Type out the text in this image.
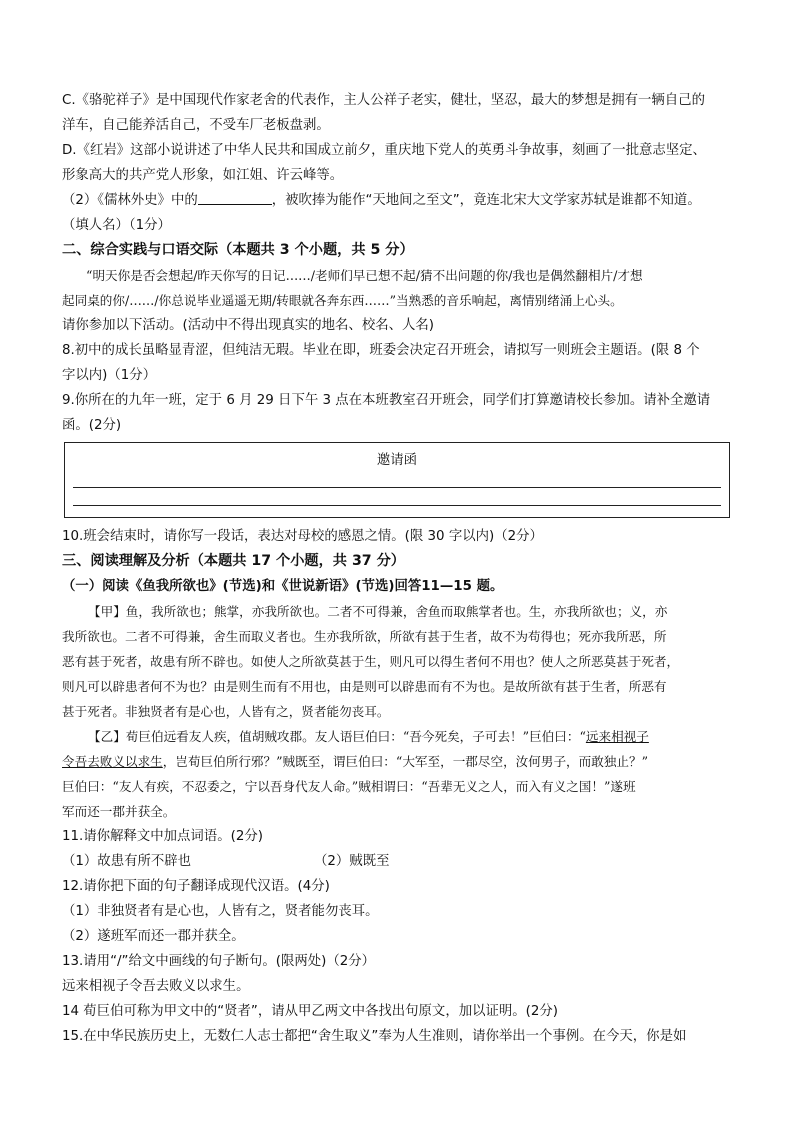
C.《骆驼祥子》是中国现代作家老舍的代表作，主人公祥子老实，健壮，坚忍，最大的梦想是拥有一辆自己的

洋车，自己能养活自己，不受车厂老板盘剥。

D.《红岩》这部小说讲述了中华人民共和国成立前夕，重庆地下党人的英勇斗争故事，刻画了一批意志坚定、

形象高大的共产党人形象，如江姐、许云峰等。

（2）《儒林外史》中的	，被吹捧为能作“天地间之至文”，竟连北宋大文学家苏轼是谁都不知道。

（填人名）（1分）

二、综合实践与口语交际（本题共 3 个小题，共 5 分）

“明天你是否会想起/昨天你写的日记……/老师们早已想不起/猜不出问题的你/我也是偶然翻相片/才想

起同桌的你/……/你总说毕业遥遥无期/转眼就各奔东西……”当熟悉的音乐响起，离情别绪涌上心头。

请你参加以下活动。(活动中不得出现真实的地名、校名、人名)

8.初中的成长虽略显青涩，但纯洁无瑕。毕业在即，班委会决定召开班会，请拟写一则班会主题语。(限 8 个

字以内)（1分）

9.你所在的九年一班，定于 6 月 29 日下午 3 点在本班教室召开班会，同学们打算邀请校长参加。请补全邀请

函。(2分)

邀请函

10.班会结束时，请你写一段话，表达对母校的感恩之情。(限 30 字以内)（2分）

三、阅读理解及分析（本题共 17 个小题，共 37 分）

（一）阅读《鱼我所欲也》(节选)和《世说新语》(节选)回答11—15 题。

【甲】鱼，我所欲也；熊掌，亦我所欲也。二者不可得兼，舍鱼而取熊掌者也。生，亦我所欲也；义，亦

我所欲也。二者不可得兼，舍生而取义者也。生亦我所欲，所欲有甚于生者，故不为苟得也；死亦我所恶，所

恶有甚于死者，故患有所不辟也。如使人之所欲莫甚于生，则凡可以得生者何不用也？使人之所恶莫甚于死者，

则凡可以辟患者何不为也？由是则生而有不用也，由是则可以辟患而有不为也。是故所欲有甚于生者，所恶有

甚于死者。非独贤者有是心也，人皆有之，贤者能勿丧耳。

【乙】荀巨伯远看友人疾，值胡贼攻郡。友人语巨伯曰：“吾今死矣，子可去！”巨伯曰：“远来相视子

令吾去败义以求生，岂荀巨伯所行邪？”贼既至，谓巨伯曰：“大军至，一郡尽空，汝何男子，而敢独止？”

巨伯曰：“友人有疾，不忍委之，宁以吾身代友人命。”贼相谓曰：“吾辈无义之人，而入有义之国！”遂班

军而还一郡并获全。

11.请你解释文中加点词语。(2分)

（1）故患有所不辟也	（2）贼既至

12.请你把下面的句子翻译成现代汉语。(4分)

（1）非独贤者有是心也，人皆有之，贤者能勿丧耳。

（2）遂班军而还一郡并获全。

13.请用“/”给文中画线的句子断句。(限两处)（2分）

远来相视子令吾去败义以求生。

14 荀巨伯可称为甲文中的“贤者”，请从甲乙两文中各找出句原文，加以证明。(2分)

15.在中华民族历史上，无数仁人志士都把“舍生取义”奉为人生准则，请你举出一个事例。在今天，你是如
